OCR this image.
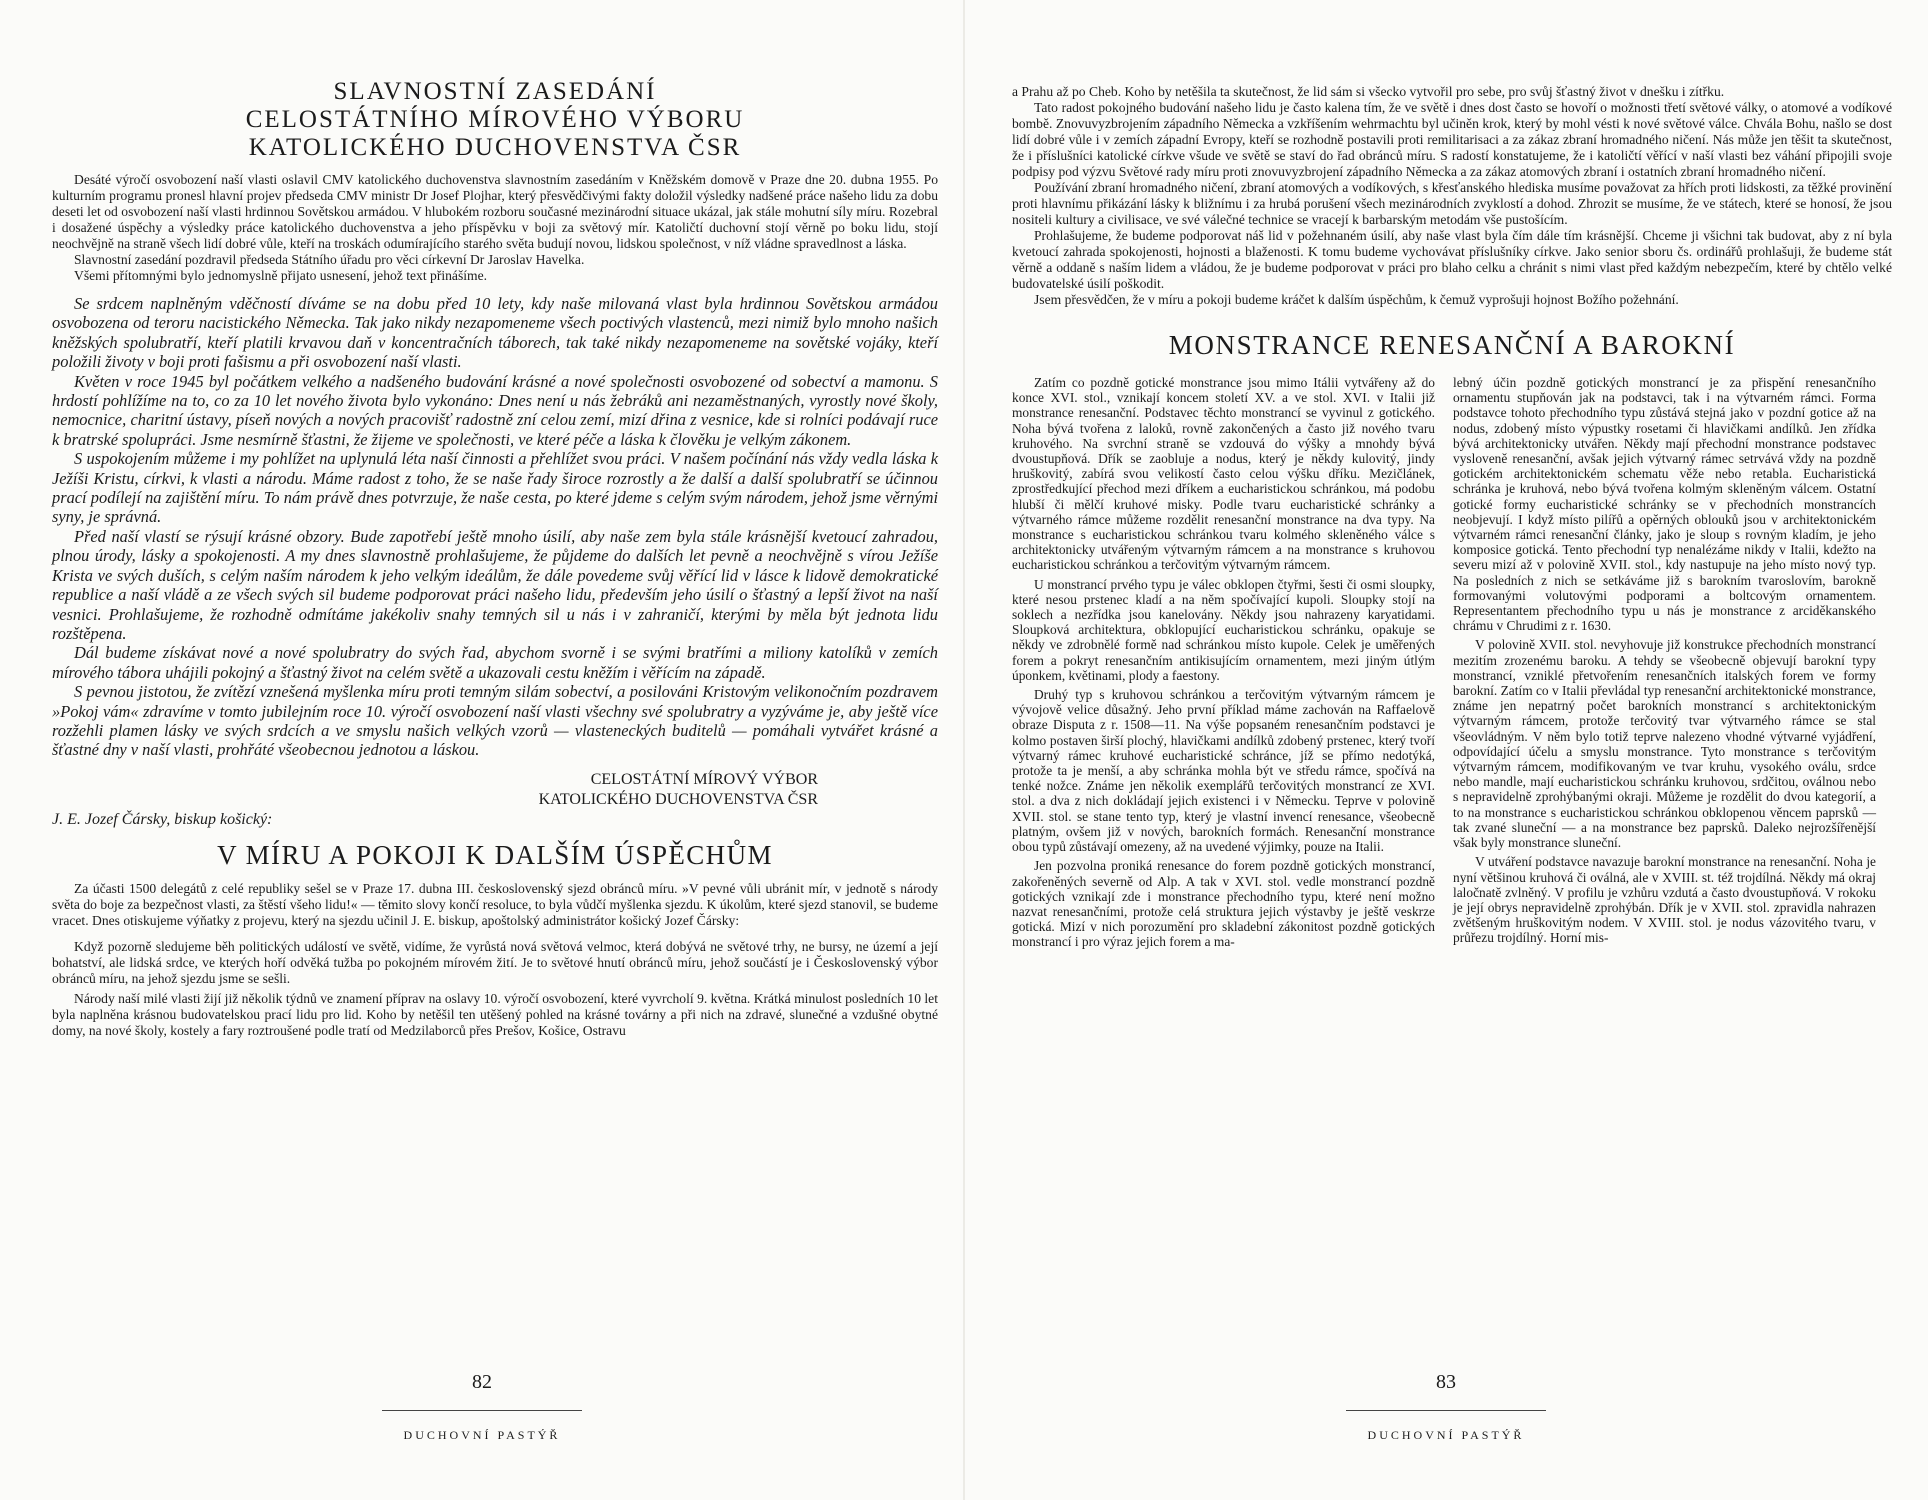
SLAVNOSTNÍ ZASEDÁNÍ
CELOSTÁTNÍHO MÍROVÉHO VÝBORU
KATOLICKÉHO DUCHOVENSTVA ČSR

Desáté výročí osvobození naší vlasti oslavil CMV katolického duchovenstva slavnostním zasedáním v Kněžském domově v Praze dne 20. dubna 1955. Po kulturním programu pronesl hlavní projev předseda CMV ministr Dr Josef Plojhar, který přesvědčivými fakty doložil výsledky nadšené práce našeho lidu za dobu deseti let od osvobození naší vlasti hrdinnou Sovětskou armádou. V hlubokém rozboru současné mezinárodní situace ukázal, jak stále mohutní síly míru. Rozebral i dosažené úspěchy a výsledky práce katolického duchovenstva a jeho příspěvku v boji za světový mír. Katoličtí duchovní stojí věrně po boku lidu, stojí neochvějně na straně všech lidí dobré vůle, kteří na troskách odumírajícího starého světa budují novou, lidskou společnost, v níž vládne spravedlnost a láska.

Slavnostní zasedání pozdravil předseda Státního úřadu pro věci církevní Dr Jaroslav Havelka.

Všemi přítomnými bylo jednomyslně přijato usnesení, jehož text přinášíme.

Se srdcem naplněným vděčností díváme se na dobu před 10 lety, kdy naše milovaná vlast byla hrdinnou Sovětskou armádou osvobozena od teroru nacistického Německa. Tak jako nikdy nezapomeneme všech poctivých vlastenců, mezi nimiž bylo mnoho našich kněžských spolubratří, kteří platili krvavou daň v koncentračních táborech, tak také nikdy nezapomeneme na sovětské vojáky, kteří položili životy v boji proti fašismu a při osvobození naší vlasti.

Květen v roce 1945 byl počátkem velkého a nadšeného budování krásné a nové společnosti osvobozené od sobectví a mamonu. S hrdostí pohlížíme na to, co za 10 let nového života bylo vykonáno: Dnes není u nás žebráků ani nezaměstnaných, vyrostly nové školy, nemocnice, charitní ústavy, píseň nových a nových pracovišť radostně zní celou zemí, mizí dřina z vesnice, kde si rolníci podávají ruce k bratrské spolupráci. Jsme nesmírně šťastni, že žijeme ve společnosti, ve které péče a láska k člověku je velkým zákonem.

S uspokojením můžeme i my pohlížet na uplynulá léta naší činnosti a přehlížet svou práci. V našem počínání nás vždy vedla láska k Ježíši Kristu, církvi, k vlasti a národu. Máme radost z toho, že se naše řady široce rozrostly a že další a další spolubratří se účinnou prací podílejí na zajištění míru. To nám právě dnes potvrzuje, že naše cesta, po které jdeme s celým svým národem, jehož jsme věrnými syny, je správná.

Před naší vlastí se rýsují krásné obzory. Bude zapotřebí ještě mnoho úsilí, aby naše zem byla stále krásnější kvetoucí zahradou, plnou úrody, lásky a spokojenosti. A my dnes slavnostně prohlašujeme, že půjdeme do dalších let pevně a neochvějně s vírou Ježíše Krista ve svých duších, s celým naším národem k jeho velkým ideálům, že dále povedeme svůj věřící lid v lásce k lidově demokratické republice a naší vládě a ze všech svých sil budeme podporovat práci našeho lidu, především jeho úsilí o šťastný a lepší život na naší vesnici. Prohlašujeme, že rozhodně odmítáme jakékoliv snahy temných sil u nás i v zahraničí, kterými by měla být jednota lidu rozštěpena.

Dál budeme získávat nové a nové spolubratry do svých řad, abychom svorně i se svými bratřími a miliony katolíků v zemích mírového tábora uhájili pokojný a šťastný život na celém světě a ukazovali cestu kněžím i věřícím na západě.

S pevnou jistotou, že zvítězí vznešená myšlenka míru proti temným silám sobectví, a posilováni Kristovým velikonočním pozdravem »Pokoj vám« zdravíme v tomto jubilejním roce 10. výročí osvobození naší vlasti všechny své spolubratry a vyzýváme je, aby ještě více rozžehli plamen lásky ve svých srdcích a ve smyslu našich velkých vzorů — vlasteneckých buditelů — pomáhali vytvářet krásné a šťastné dny v naší vlasti, prohřáté všeobecnou jednotou a láskou.

CELOSTÁTNÍ MÍROVÝ VÝBOR
KATOLICKÉHO DUCHOVENSTVA ČSR
J. E. Jozef Čársky, biskup košický:
V MÍRU A POKOJI K DALŠÍM ÚSPĚCHŮM

Za účasti 1500 delegátů z celé republiky sešel se v Praze 17. dubna III. československý sjezd obránců míru. »V pevné vůli ubránit mír, v jednotě s národy světa do boje za bezpečnost vlasti, za štěstí všeho lidu!« — těmito slovy končí resoluce, to byla vůdčí myšlenka sjezdu. K úkolům, které sjezd stanovil, se budeme vracet. Dnes otiskujeme výňatky z projevu, který na sjezdu učinil J. E. biskup, apoštolský administrátor košický Jozef Čársky:

Když pozorně sledujeme běh politických událostí ve světě, vidíme, že vyrůstá nová světová velmoc, která dobývá ne světové trhy, ne bursy, ne území a její bohatství, ale lidská srdce, ve kterých hoří odvěká tužba po pokojném mírovém žití. Je to světové hnutí obránců míru, jehož součástí je i Československý výbor obránců míru, na jehož sjezdu jsme se sešli.

Národy naší milé vlasti žijí již několik týdnů ve znamení příprav na oslavy 10. výročí osvobození, které vyvrcholí 9. května. Krátká minulost posledních 10 let byla naplněna krásnou budovatelskou prací lidu pro lid. Koho by netěšil ten utěšený pohled na krásné továrny a při nich na zdravé, slunečné a vzdušné obytné domy, na nové školy, kostely a fary roztroušené podle tratí od Medzilaborců přes Prešov, Košice, Ostravu

82
DUCHOVNÍ PASTÝŘ

a Prahu až po Cheb. Koho by netěšila ta skutečnost, že lid sám si všecko vytvořil pro sebe, pro svůj šťastný život v dnešku i zítřku.

Tato radost pokojného budování našeho lidu je často kalena tím, že ve světě i dnes dost často se hovoří o možnosti třetí světové války, o atomové a vodíkové bombě. Znovuvyzbrojením západního Německa a vzkříšením wehrmachtu byl učiněn krok, který by mohl vésti k nové světové válce. Chvála Bohu, našlo se dost lidí dobré vůle i v zemích západní Evropy, kteří se rozhodně postavili proti remilitarisaci a za zákaz zbraní hromadného ničení. Nás může jen těšit ta skutečnost, že i příslušníci katolické církve všude ve světě se staví do řad obránců míru. S radostí konstatujeme, že i katoličtí věřící v naší vlasti bez váhání připojili svoje podpisy pod výzvu Světové rady míru proti znovuvyzbrojení západního Německa a za zákaz atomových zbraní i ostatních zbraní hromadného ničení.

Používání zbraní hromadného ničení, zbraní atomových a vodíkových, s křesťanského hlediska musíme považovat za hřích proti lidskosti, za těžké provinění proti hlavnímu přikázání lásky k bližnímu i za hrubá porušení všech mezinárodních zvyklostí a dohod. Zhrozit se musíme, že ve státech, které se honosí, že jsou nositeli kultury a civilisace, ve své válečné technice se vracejí k barbarským metodám vše pustošícím.

Prohlašujeme, že budeme podporovat náš lid v požehnaném úsilí, aby naše vlast byla čím dále tím krásnější. Chceme ji všichni tak budovat, aby z ní byla kvetoucí zahrada spokojenosti, hojnosti a blaženosti. K tomu budeme vychovávat příslušníky církve. Jako senior sboru čs. ordinářů prohlašuji, že budeme stát věrně a oddaně s naším lidem a vládou, že je budeme podporovat v práci pro blaho celku a chránit s nimi vlast před každým nebezpečím, které by chtělo velké budovatelské úsilí poškodit.

Jsem přesvědčen, že v míru a pokoji budeme kráčet k dalším úspěchům, k čemuž vyprošuji hojnost Božího požehnání.

MONSTRANCE RENESANČNÍ A BAROKNÍ

Zatím co pozdně gotické monstrance jsou mimo Itálii vytvářeny až do konce XVI. stol., vznikají koncem století XV. a ve stol. XVI. v Italii již monstrance renesanční. Podstavec těchto monstrancí se vyvinul z gotického. Noha bývá tvořena z laloků, rovně zakončených a často již nového tvaru kruhového. Na svrchní straně se vzdouvá do výšky a mnohdy bývá dvoustupňová. Dřík se zaobluje a nodus, který je někdy kulovitý, jindy hruškovitý, zabírá svou velikostí často celou výšku dříku. Mezičlánek, zprostředkující přechod mezi dříkem a eucharistickou schránkou, má podobu hlubší či mělčí kruhové misky. Podle tvaru eucharistické schránky a výtvarného rámce můžeme rozdělit renesanční monstrance na dva typy. Na monstrance s eucharistickou schránkou tvaru kolmého skleněného válce s architektonicky utvářeným výtvarným rámcem a na monstrance s kruhovou eucharistickou schránkou a terčovitým výtvarným rámcem.

U monstrancí prvého typu je válec obklopen čtyřmi, šesti či osmi sloupky, které nesou prstenec kladí a na něm spočívající kupoli. Sloupky stojí na soklech a nezřídka jsou kanelovány. Někdy jsou nahrazeny karyatidami. Sloupková architektura, obklopující eucharistickou schránku, opakuje se někdy ve zdrobnělé formě nad schránkou místo kupole. Celek je uměřených forem a pokryt renesančním antikisujícím ornamentem, mezi jiným útlým úponkem, květinami, plody a faestony.

Druhý typ s kruhovou schránkou a terčovitým výtvarným rámcem je vývojově velice důsažný. Jeho první příklad máme zachován na Raffaelově obraze Disputa z r. 1508—11. Na výše popsaném renesančním podstavci je kolmo postaven širší plochý, hlavičkami andílků zdobený prstenec, který tvoří výtvarný rámec kruhové eucharistické schránce, jíž se přímo nedotýká, protože ta je menší, a aby schránka mohla být ve středu rámce, spočívá na tenké nožce. Známe jen několik exemplářů terčovitých monstrancí ze XVI. stol. a dva z nich dokládají jejich existenci i v Německu. Teprve v polovině XVII. stol. se stane tento typ, který je vlastní invencí renesance, všeobecně platným, ovšem již v nových, barokních formách. Renesanční monstrance obou typů zůstávají omezeny, až na uvedené výjimky, pouze na Italii.

Jen pozvolna proniká renesance do forem pozdně gotických monstrancí, zakořeněných severně od Alp. A tak v XVI. stol. vedle monstrancí pozdně gotických vznikají zde i monstrance přechodního typu, které není možno nazvat renesančními, protože celá struktura jejich výstavby je ještě veskrze gotická. Mizí v nich porozumění pro skladební zákonitost pozdně gotických monstrancí i pro výraz jejich forem a ma-

lebný účin pozdně gotických monstrancí je za přispění renesančního ornamentu stupňován jak na podstavci, tak i na výtvarném rámci. Forma podstavce tohoto přechodního typu zůstává stejná jako v pozdní gotice až na nodus, zdobený místo výpustky rosetami či hlavičkami andílků. Jen zřídka bývá architektonicky utvářen. Někdy mají přechodní monstrance podstavec vysloveně renesanční, avšak jejich výtvarný rámec setrvává vždy na pozdně gotickém architektonickém schematu věže nebo retabla. Eucharistická schránka je kruhová, nebo bývá tvořena kolmým skleněným válcem. Ostatní gotické formy eucharistické schránky se v přechodních monstrancích neobjevují. I když místo pilířů a opěrných oblouků jsou v architektonickém výtvarném rámci renesanční články, jako je sloup s rovným kladím, je jeho komposice gotická. Tento přechodní typ nenalézáme nikdy v Italii, kdežto na severu mizí až v polovině XVII. stol., kdy nastupuje na jeho místo nový typ. Na posledních z nich se setkáváme již s barokním tvaroslovím, barokně formovanými volutovými podporami a boltcovým ornamentem. Representantem přechodního typu u nás je monstrance z arciděkanského chrámu v Chrudimi z r. 1630.

V polovině XVII. stol. nevyhovuje již konstrukce přechodních monstrancí mezitím zrozenému baroku. A tehdy se všeobecně objevují barokní typy monstrancí, vzniklé přetvořením renesančních italských forem ve formy barokní. Zatím co v Italii převládal typ renesanční architektonické monstrance, známe jen nepatrný počet barokních monstrancí s architektonickým výtvarným rámcem, protože terčovitý tvar výtvarného rámce se stal všeovládným. V něm bylo totiž teprve nalezeno vhodné výtvarné vyjádření, odpovídající účelu a smyslu monstrance. Tyto monstrance s terčovitým výtvarným rámcem, modifikovaným ve tvar kruhu, vysokého oválu, srdce nebo mandle, mají eucharistickou schránku kruhovou, srdčitou, oválnou nebo s nepravidelně zprohýbanými okraji. Můžeme je rozdělit do dvou kategorií, a to na monstrance s eucharistickou schránkou obklopenou věncem paprsků — tak zvané sluneční — a na monstrance bez paprsků. Daleko nejrozšířenější však byly monstrance sluneční.

V utváření podstavce navazuje barokní monstrance na renesanční. Noha je nyní většinou kruhová či oválná, ale v XVIII. st. též trojdílná. Někdy má okraj laločnatě zvlněný. V profilu je vzhůru vzdutá a často dvoustupňová. V rokoku je její obrys nepravidelně zprohýbán. Dřík je v XVII. stol. zpravidla nahrazen zvětšeným hruškovitým nodem. V XVIII. stol. je nodus vázovitého tvaru, v průřezu trojdílný. Horní mis-

83
DUCHOVNÍ PASTÝŘ
